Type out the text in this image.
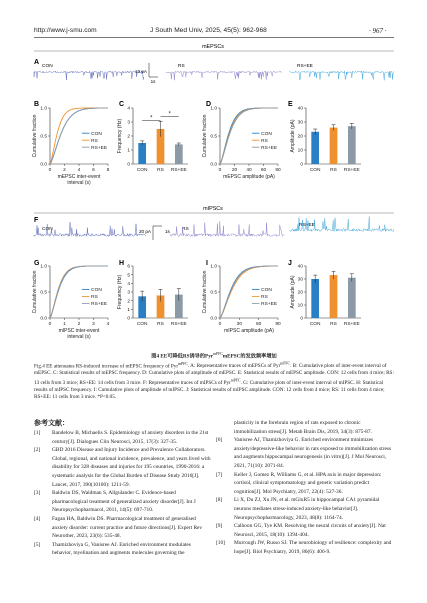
http://www.j-smu.com	J South Med Univ, 2025, 45(5): 962-968	· 967 ·
mEPSCs
A
CON	RS	RS+EE
10 pA
1s
B	C	D	E
0.0
0.5
1.0
0 2 4 6 8
Cumulative fraction
mEPSC inter-event
interval (s)
CON
RS
RS+EE
0
1
2
3
4
Frequency (Hz)
CON RS RS+EE
*
*
0.0
0.5
1.0
0 20 40 60 80
Cumulative fraction
mEPSC amplitude (pA)
CON
RS
RS+EE
0
10
20
30
40
Amplitude (pA)
CON RS RS+EE
mIPSCs
F
CON	RS
RS+EE
20 pA	1s
G	H	I	J
0.0
0.5
1.0
0 1 2 3 4
Cumulative fraction
mIPSC inter-event
interval (s)
CON
RS
RS+EE
0
1
2
3
4
5
6
Frequency (Hz)
CON RS RS+EE
0.0
0.5
1.0
0	30	60	90
Cumulative fraction
mIPSC amplitude (pA)
CON
RS
RS+EE
0
10
20
30
40
Amplitude (pA)
CON RS RS+EE
图4 EE可降低RS诱导的Pyr$^{mPFC}$mEPSC的发放频率增加
Fig.4 EE attenuates RS-induced increase of mEPSC frequency of Pyr$^{mPFC}$. A: Representative traces of mEPSCs of Pyr$^{mPFC}$. B: Cumulative plots of inter-event interval of mEPSC. C: Statistical results of mEPSC frequency. D: Cumulative plots of amplitude of mEPSC. E: Statistical results of mEPSC amplitude. CON: 12 cells from 4 mice; RS: 13 cells from 3 mice; RS+EE: 14 cells from 3 mice. F: Representative traces of mIPSCs of Pyr$^{mPFC}$. G: Cumulative plots of inter-event interval of mIPSC. H: Statistical results of mIPSC frequency. I: Cumulative plots of amplitude of mIPSC. J: Statistical results of mIPSC amplitude. CON: 12 cells from 4 mice; RS: 11 cells from 4 mice; RS+EE: 11 cells from 3 mice. *P<0.05.
参考文献：
[1] Bandelow B, Michaelis S. Epidemiology of anxiety disorders in the 21st century[J]. Dialogues Clin Neurosci, 2015, 17(3): 327-35.
[2] GBD 2016 Disease and Injury Incidence and Prevalence Collaborators. Global, regional, and national incidence, prevalence, and years lived with disability for 328 diseases and injuries for 195 countries, 1990-2016: a systematic analysis for the Global Burden of Disease Study 2016[J]. Lancet, 2017, 390(10100): 1211-59.
[3] Baldwin DS, Waldman S, Allgulander C. Evidence-based pharmacological treatment of generalized anxiety disorder[J]. Int J Neuropsychopharmacol, 2011, 14(5): 697-710.
[4] Fagan HA, Baldwin DS. Pharmacological treatment of generalised anxiety disorder: current practice and future directions[J]. Expert Rev Neurother, 2023, 23(6): 535-48.
[5] Thamizhoviya G, Vanisree AJ. Enriched environment modulates behavior, myelination and augments molecules governing the
plasticity in the forebrain region of rats exposed to chronic immobilization stress[J]. Metab Brain Dis, 2019, 34(3): 875-87.
[6] Vanisree AJ, Thamizhoviya G. Enriched environment minimizes anxiety/depressive-like behavior in rats exposed to immobilization stress and augments hippocampal neurogenesis (in vitro)[J]. J Mol Neurosci, 2021, 71(10): 2071-84.
[7] Keller J, Gomez R, Williams G, et al. HPA axis in major depression: cortisol, clinical symptomatology and genetic variation predict cognition[J]. Mol Psychiatry, 2017, 22(4): 527-36.
[8] Li X, Du ZJ, Xu JN, et al. mGluR5 in hippocampal CA1 pyramidal neurons mediates stress-induced anxiety-like behavior[J]. Neuropsychopharmacology, 2023, 48(8): 1164-74.
[9] Calhoon GG, Tye KM. Resolving the neural circuits of anxiety[J]. Nat Neurosci, 2015, 18(10): 1394-404.
[10] Murrough JW, Russo SJ. The neurobiology of resilience: complexity and hope[J]. Biol Psychiatry, 2019, 86(6): 406-9.
